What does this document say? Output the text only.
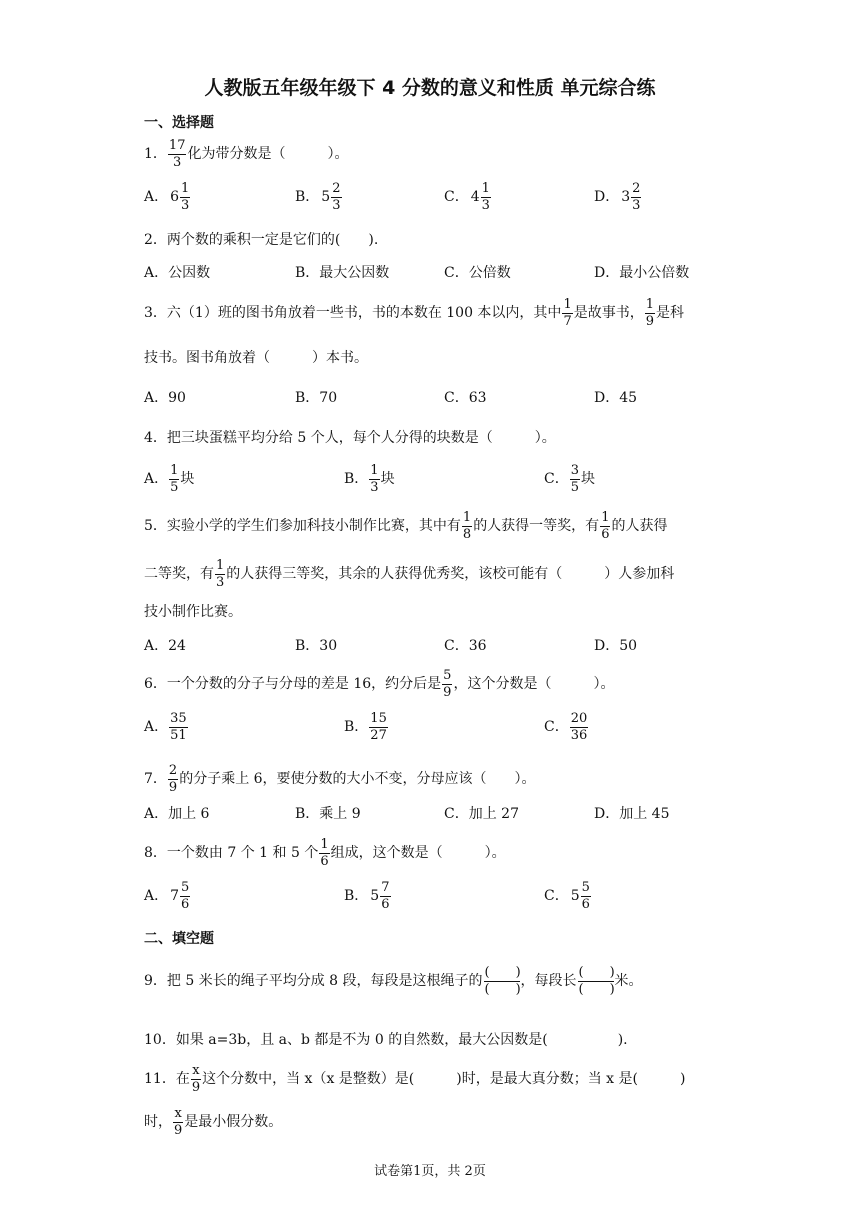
人教版五年级年级下 4 分数的意义和性质 单元综合练
一、选择题
1． $\frac{17}{3}$ 化为带分数是（　　　）。
A． $6 \frac{1}{3}$	B． $5 \frac{2}{3}$	C． $4 \frac{1}{3}$	D． $3 \frac{2}{3}$
2．两个数的乘积一定是它们的(　　).
A．公因数	B．最大公因数	C．公倍数	D．最小公倍数
3．六（1）班的图书角放着一些书，书的本数在 100 本以内，其中 $\frac{1}{7}$ 是故事书， $\frac{1}{9}$ 是科
技书。图书角放着（　　　）本书。
A．90	B．70	C．63	D．45
4．把三块蛋糕平均分给 5 个人，每个人分得的块数是（　　　）。
A． $\frac{1}{5}$ 块	B． $\frac{1}{3}$ 块	C． $\frac{3}{5}$ 块
5．实验小学的学生们参加科技小制作比赛，其中有 $\frac{1}{8}$ 的人获得一等奖，有 $\frac{1}{6}$ 的人获得
二等奖，有 $\frac{1}{3}$ 的人获得三等奖，其余的人获得优秀奖，该校可能有（　　　）人参加科
技小制作比赛。
A．24	B．30	C．36	D．50
6．一个分数的分子与分母的差是 16，约分后是 $\frac{5}{9}$ ，这个分数是（　　　）。
A． $\frac{35}{51}$	B． $\frac{15}{27}$	C． $\frac{20}{36}$
7． $\frac{2}{9}$ 的分子乘上 6，要使分数的大小不变，分母应该（　　）。
A．加上 6	B．乘上 9	C．加上 27	D．加上 45
8．一个数由 7 个 1 和 5 个 $\frac{1}{6}$ 组成，这个数是（　　　）。
A． $7 \frac{5}{6}$	B． $5 \frac{7}{6}$	C． $5 \frac{5}{6}$
二、填空题
9．把 5 米长的绳子平均分成 8 段，每段是这根绳子的 $\frac{( )}{( )}$ ，每段长 $\frac{( )}{( )}$ 米。
10．如果 a=3b，且 a、b 都是不为 0 的自然数，最大公因数是(　　　　　).
11．在 $\frac{x}{9}$ 这个分数中，当 x（x 是整数）是(　　　)时，是最大真分数；当 x 是(　　　)
时， $\frac{x}{9}$ 是最小假分数。
试卷第1页，共 2页
